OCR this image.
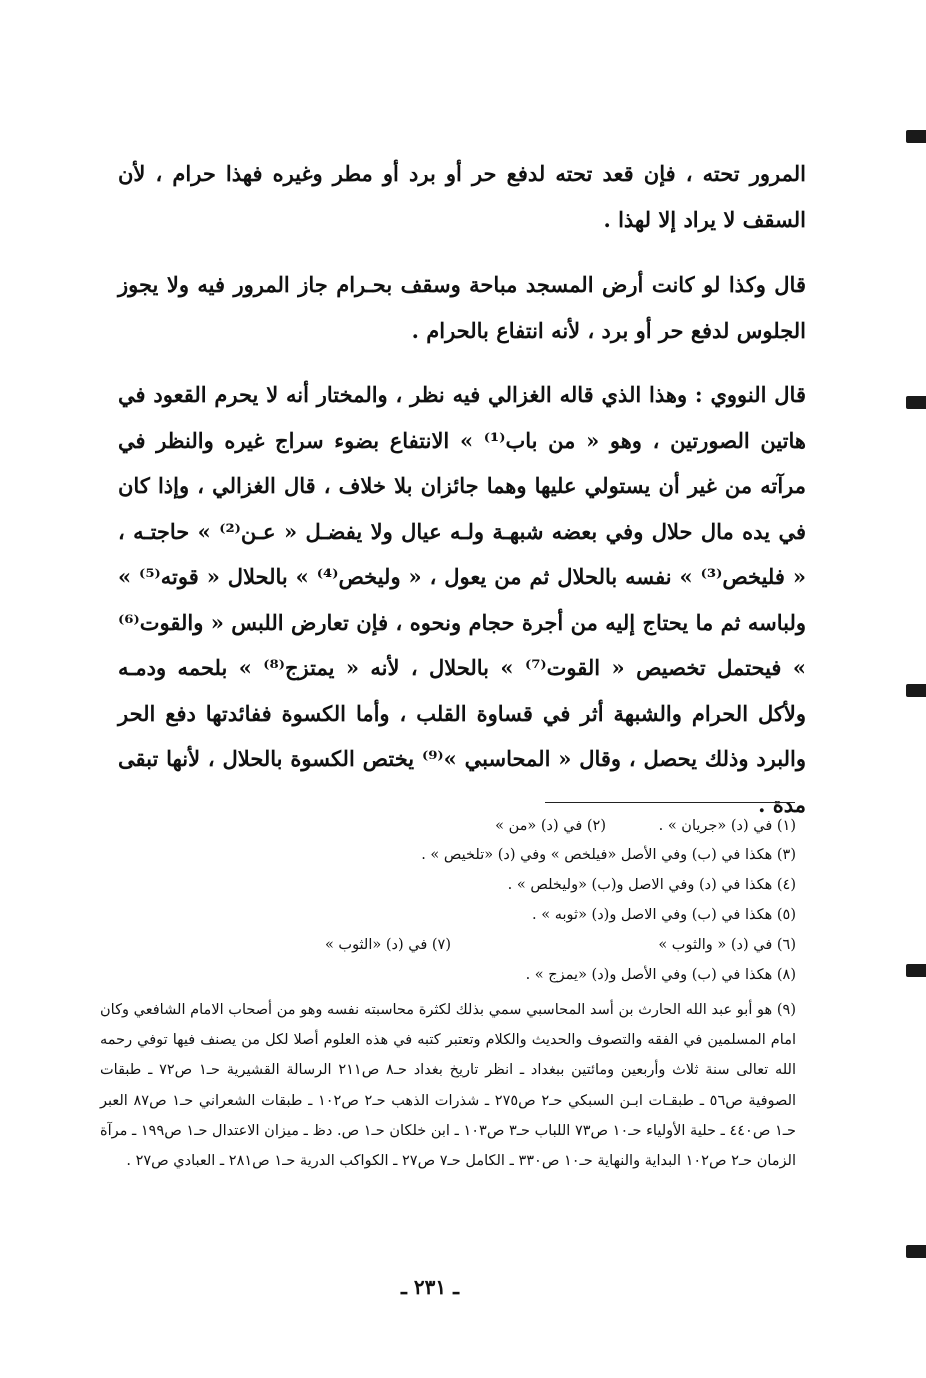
المرور تحته ، فإن قعد تحته لدفع حر أو برد أو مطر وغيره فهذا حرام ، لأن السقف لا يراد إلا لهذا .

قال وكذا لو كانت أرض المسجد مباحة وسقف بحـرام جاز المرور فيه ولا يجوز الجلوس لدفع حر أو برد ، لأنه انتفاع بالحرام .

قال النووي : وهذا الذي قاله الغزالي فيه نظر ، والمختار أنه لا يحرم القعود في هاتين الصورتين ، وهو « من باب⁽¹⁾ » الانتفاع بضوء سراج غيره والنظر في مرآته من غير أن يستولي عليها وهما جائزان بلا خلاف ، قال الغزالي ، وإذا كان في يده مال حلال وفي بعضه شبهـة ولـه عيال ولا يفضـل « عـن⁽²⁾ » حاجتـه ، « فليخص⁽³⁾ » نفسه بالحلال ثم من يعول ، « وليخص⁽⁴⁾ » بالحلال « قوته⁽⁵⁾ » ولباسه ثم ما يحتاج إليه من أجرة حجام ونحوه ، فإن تعارض اللبس « والقوت⁽⁶⁾ » فيحتمل تخصيص « القوت⁽⁷⁾ » بالحلال ، لأنه « يمتزج⁽⁸⁾ » بلحمه ودمـه ولأكل الحرام والشبهة أثر في قساوة القلب ، وأما الكسوة ففائدتها دفع الحر والبرد وذلك يحصل ، وقال « المحاسبي »⁽⁹⁾ يختص الكسوة بالحلال ، لأنها تبقى مدة .

(١) في (د) «جريان » .

(٢) في (د) «من »

(٣) هكذا في (ب) وفي الأصل «فيلخص » وفي (د) «تلخيص » .

(٤) هكذا في (د) وفي الاصل و(ب) «وليخلص » .

(٥) هكذا في (ب) وفي الاصل و(د) «ثوبه » .

(٦) في (د) « والثوب »

(٧) في (د) «الثوب »

(٨) هكذا في (ب) وفي الأصل و(د) «يمزج » .

(٩) هو أبو عبد الله الحارث بن أسد المحاسبي سمي بذلك لكثرة محاسبته نفسه وهو من أصحاب الامام الشافعي وكان امام المسلمين في الفقه والتصوف والحديث والكلام وتعتبر كتبه في هذه العلوم أصلا لكل من يصنف فيها توفي رحمه الله تعالى سنة ثلاث وأربعين ومائتين ببغداد ـ انظر تاريخ بغداد حـ٨ ص٢١١ الرسالة القشيرية حـ١ ص٧٢ ـ طبقات الصوفية ص٥٦ ـ طبقـات ابـن السبكي حـ٢ ص٢٧٥ ـ شذرات الذهب حـ٢ ص١٠٢ ـ طبقات الشعراني حـ١ ص٨٧ العبر حـ١ ص٤٤٠ ـ حلية الأولياء حـ١٠ ص٧٣ اللباب حـ٣ ص١٠٣ ـ ابن خلكان حـ١ ص. دظ ـ ميزان الاعتدال حـ١ ص١٩٩ ـ مرآة الزمان حـ٢ ص١٠٢ البداية والنهاية حـ١٠ ص٣٣٠ ـ الكامل حـ٧ ص٢٧ ـ الكواكب الدرية حـ١ ص٢٨١ ـ العبادي ص٢٧ .

ـ ٢٣١ ـ
